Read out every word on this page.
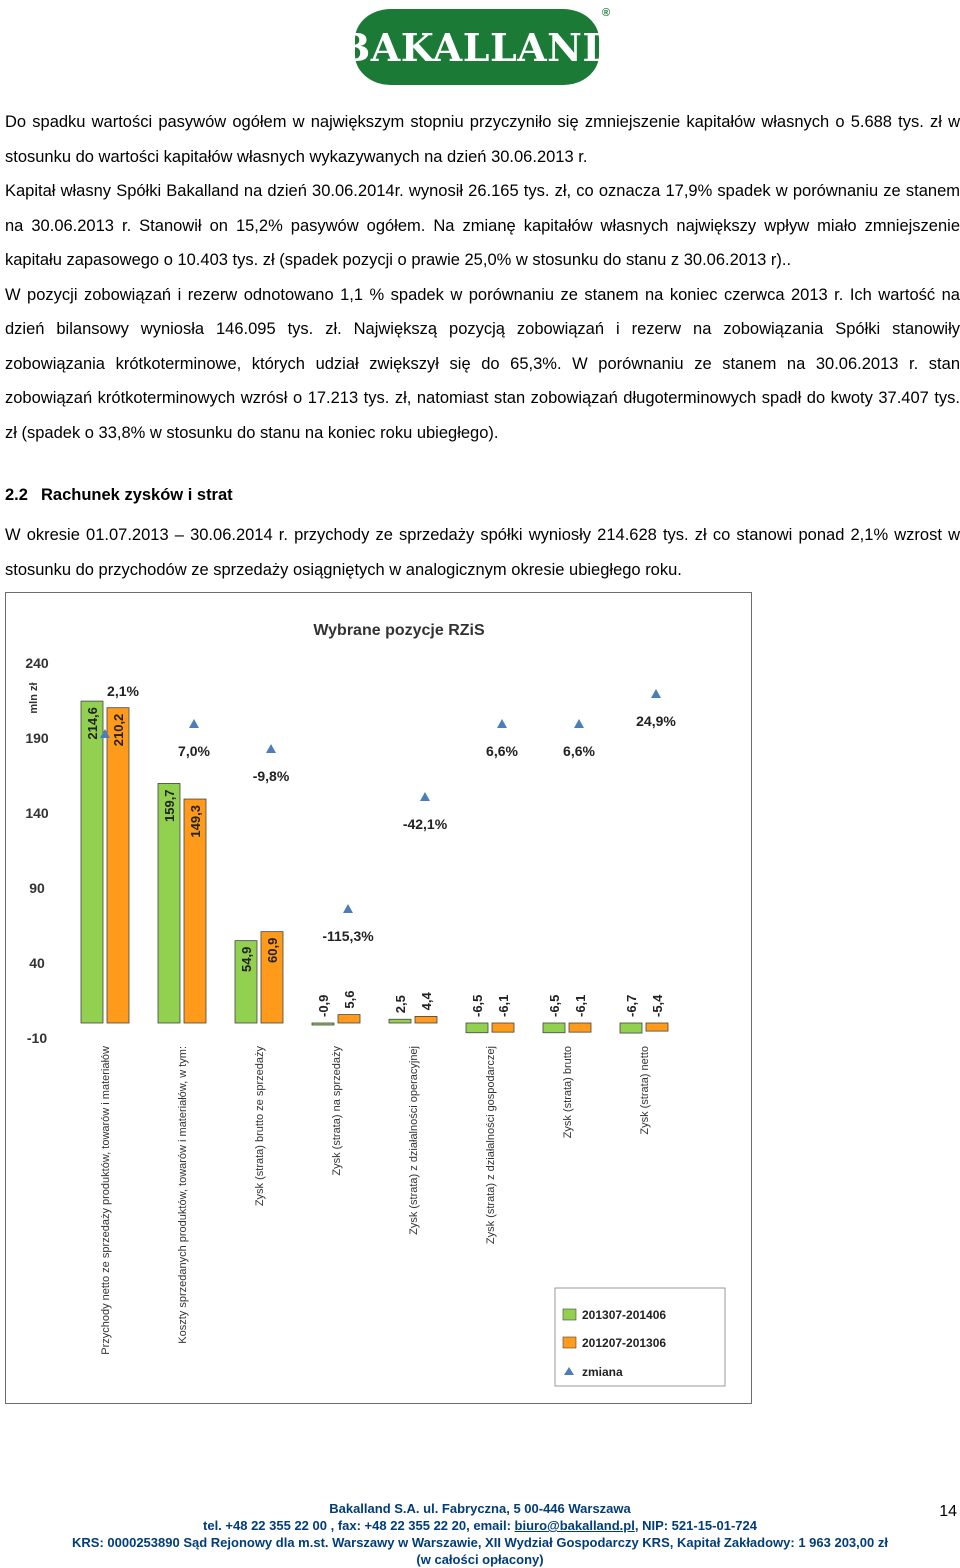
BAKALLAND
®

Do spadku wartości pasywów ogółem w największym stopniu przyczyniło się zmniejszenie kapitałów własnych o 5.688 tys. zł w stosunku do wartości kapitałów własnych wykazywanych na dzień 30.06.2013 r.

Kapitał własny Spółki Bakalland na dzień 30.06.2014r. wynosił 26.165 tys. zł, co oznacza 17,9% spadek w porównaniu ze stanem na 30.06.2013 r. Stanowił on 15,2% pasywów ogółem. Na zmianę kapitałów własnych największy wpływ miało zmniejszenie kapitału zapasowego o 10.403 tys. zł (spadek pozycji o prawie 25,0% w stosunku do stanu z 30.06.2013 r)..

W pozycji zobowiązań i rezerw odnotowano 1,1 % spadek w porównaniu ze stanem na koniec czerwca 2013 r. Ich wartość na dzień bilansowy wyniosła 146.095 tys. zł. Największą pozycją zobowiązań i rezerw na zobowiązania Spółki stanowiły zobowiązania krótkoterminowe, których udział zwiększył się do 65,3%. W porównaniu ze stanem na 30.06.2013 r. stan zobowiązań krótkoterminowych wzrósł o 17.213 tys. zł, natomiast stan zobowiązań długoterminowych spadł do kwoty 37.407 tys. zł (spadek o 33,8% w stosunku do stanu na koniec roku ubiegłego).

2.2 Rachunek zysków i strat

W okresie 01.07.2013 – 30.06.2014 r. przychody ze sprzedaży spółki wyniosły 214.628 tys. zł co stanowi ponad 2,1% wzrost w stosunku do przychodów ze sprzedaży osiągniętych w analogicznym okresie ubiegłego roku.

Wybrane pozycje RZiS
mln zł
240
190
140
90
40
-10
214,6 210,2
159,7 149,3
54,9 60,9
-0,9 5,6	2,5 4,4	-6,5 -6,1	-6,5 -6,1	-6,7 -5,4
2,1%
7,0%
-9,8%
-115,3%
-42,1%
6,6%	6,6%
24,9%
Przychody netto ze sprzedaży produktów, towarów i materiałów	Koszty sprzedanych produktów, towarów i materiałów, w tym:	Zysk (strata) brutto ze sprzedaży	Zysk (strata) na sprzedaży	Zysk (strata) z działalności operacyjnej	Zysk (strata) z działalności gospodarczej	Zysk (strata) brutto	Zysk (strata) netto
201307-201406
201207-201306
zmiana
Bakalland S.A. ul. Fabryczna, 5 00-446 Warszawa
tel. +48 22 355 22 00 , fax: +48 22 355 22 20, email: biuro@bakalland.pl, NIP: 521-15-01-724
KRS: 0000253890 Sąd Rejonowy dla m.st. Warszawy w Warszawie, XII Wydział Gospodarczy KRS, Kapitał Zakładowy: 1 963 203,00 zł
(w całości opłacony)
14
